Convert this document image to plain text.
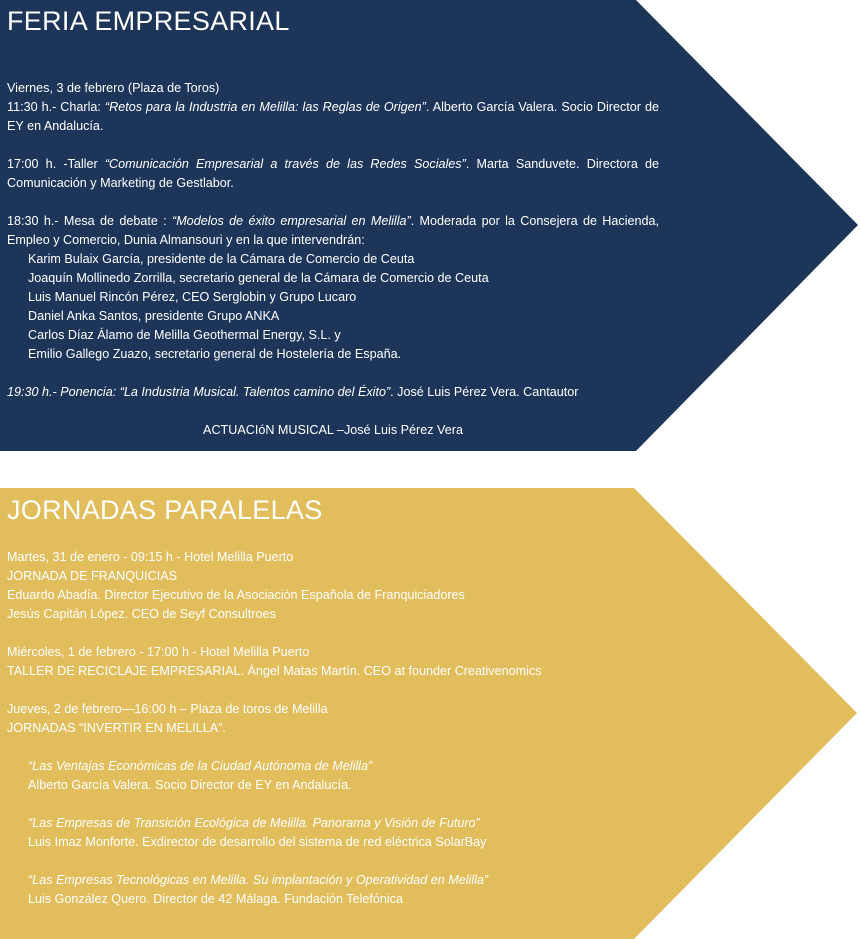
FERIA EMPRESARIAL
Viernes, 3 de febrero (Plaza de Toros)
11:30 h.- Charla: “Retos para la Industria en Melilla: las Reglas de Origen”. Alberto García Valera. Socio Director de EY en Andalucía.
17:00 h. -Taller “Comunicación Empresarial a través de las Redes Sociales”. Marta Sanduvete. Directora de Comunicación y Marketing de Gestlabor.
18:30 h.- Mesa de debate : “Modelos de éxito empresarial en Melilla”. Moderada por la Consejera de Hacienda, Empleo y Comercio, Dunia Almansouri y en la que intervendrán:
Karim Bulaix García, presidente de la Cámara de Comercio de Ceuta
Joaquín Mollinedo Zorrilla, secretario general de la Cámara de Comercio de Ceuta
Luis Manuel Rincón Pérez, CEO Serglobin y Grupo Lucaro
Daniel Anka Santos, presidente Grupo ANKA
Carlos Díaz Álamo de Melilla Geothermal Energy, S.L. y
Emilio Gallego Zuazo, secretario general de Hostelería de España.
19:30 h.- Ponencia: “La Industria Musical. Talentos camino del Éxito”. José Luis Pérez Vera. Cantautor
ACTUACIóN MUSICAL –José Luis Pérez Vera
JORNADAS PARALELAS
Martes, 31 de enero - 09:15 h - Hotel Melilla Puerto
JORNADA DE FRANQUICIAS
Eduardo Abadía. Director Ejecutivo de la Asociación Española de Franquiciadores
Jesús Capitán López. CEO de Seyf Consultroes
Miércoles, 1 de febrero - 17:00 h - Hotel Melilla Puerto
TALLER DE RECICLAJE EMPRESARIAL. Ángel Matas Martín. CEO at founder Creativenomics
Jueves, 2 de febrero—16:00 h – Plaza de toros de Melilla
JORNADAS “INVERTIR EN MELILLA”.
“Las Ventajas Económicas de la Ciudad Autónoma de Melilla”
Alberto García Valera. Socio Director de EY en Andalucía.
“Las Empresas de Transición Ecológica de Melilla. Panorama y Visión de Futuro”
Luis Imaz Monforte. Exdirector de desarrollo del sistema de red eléctrica SolarBay
“Las Empresas Tecnológicas en Melilla. Su implantación y Operatividad en Melilla”
Luis González Quero. Director de 42 Málaga. Fundación Telefónica
